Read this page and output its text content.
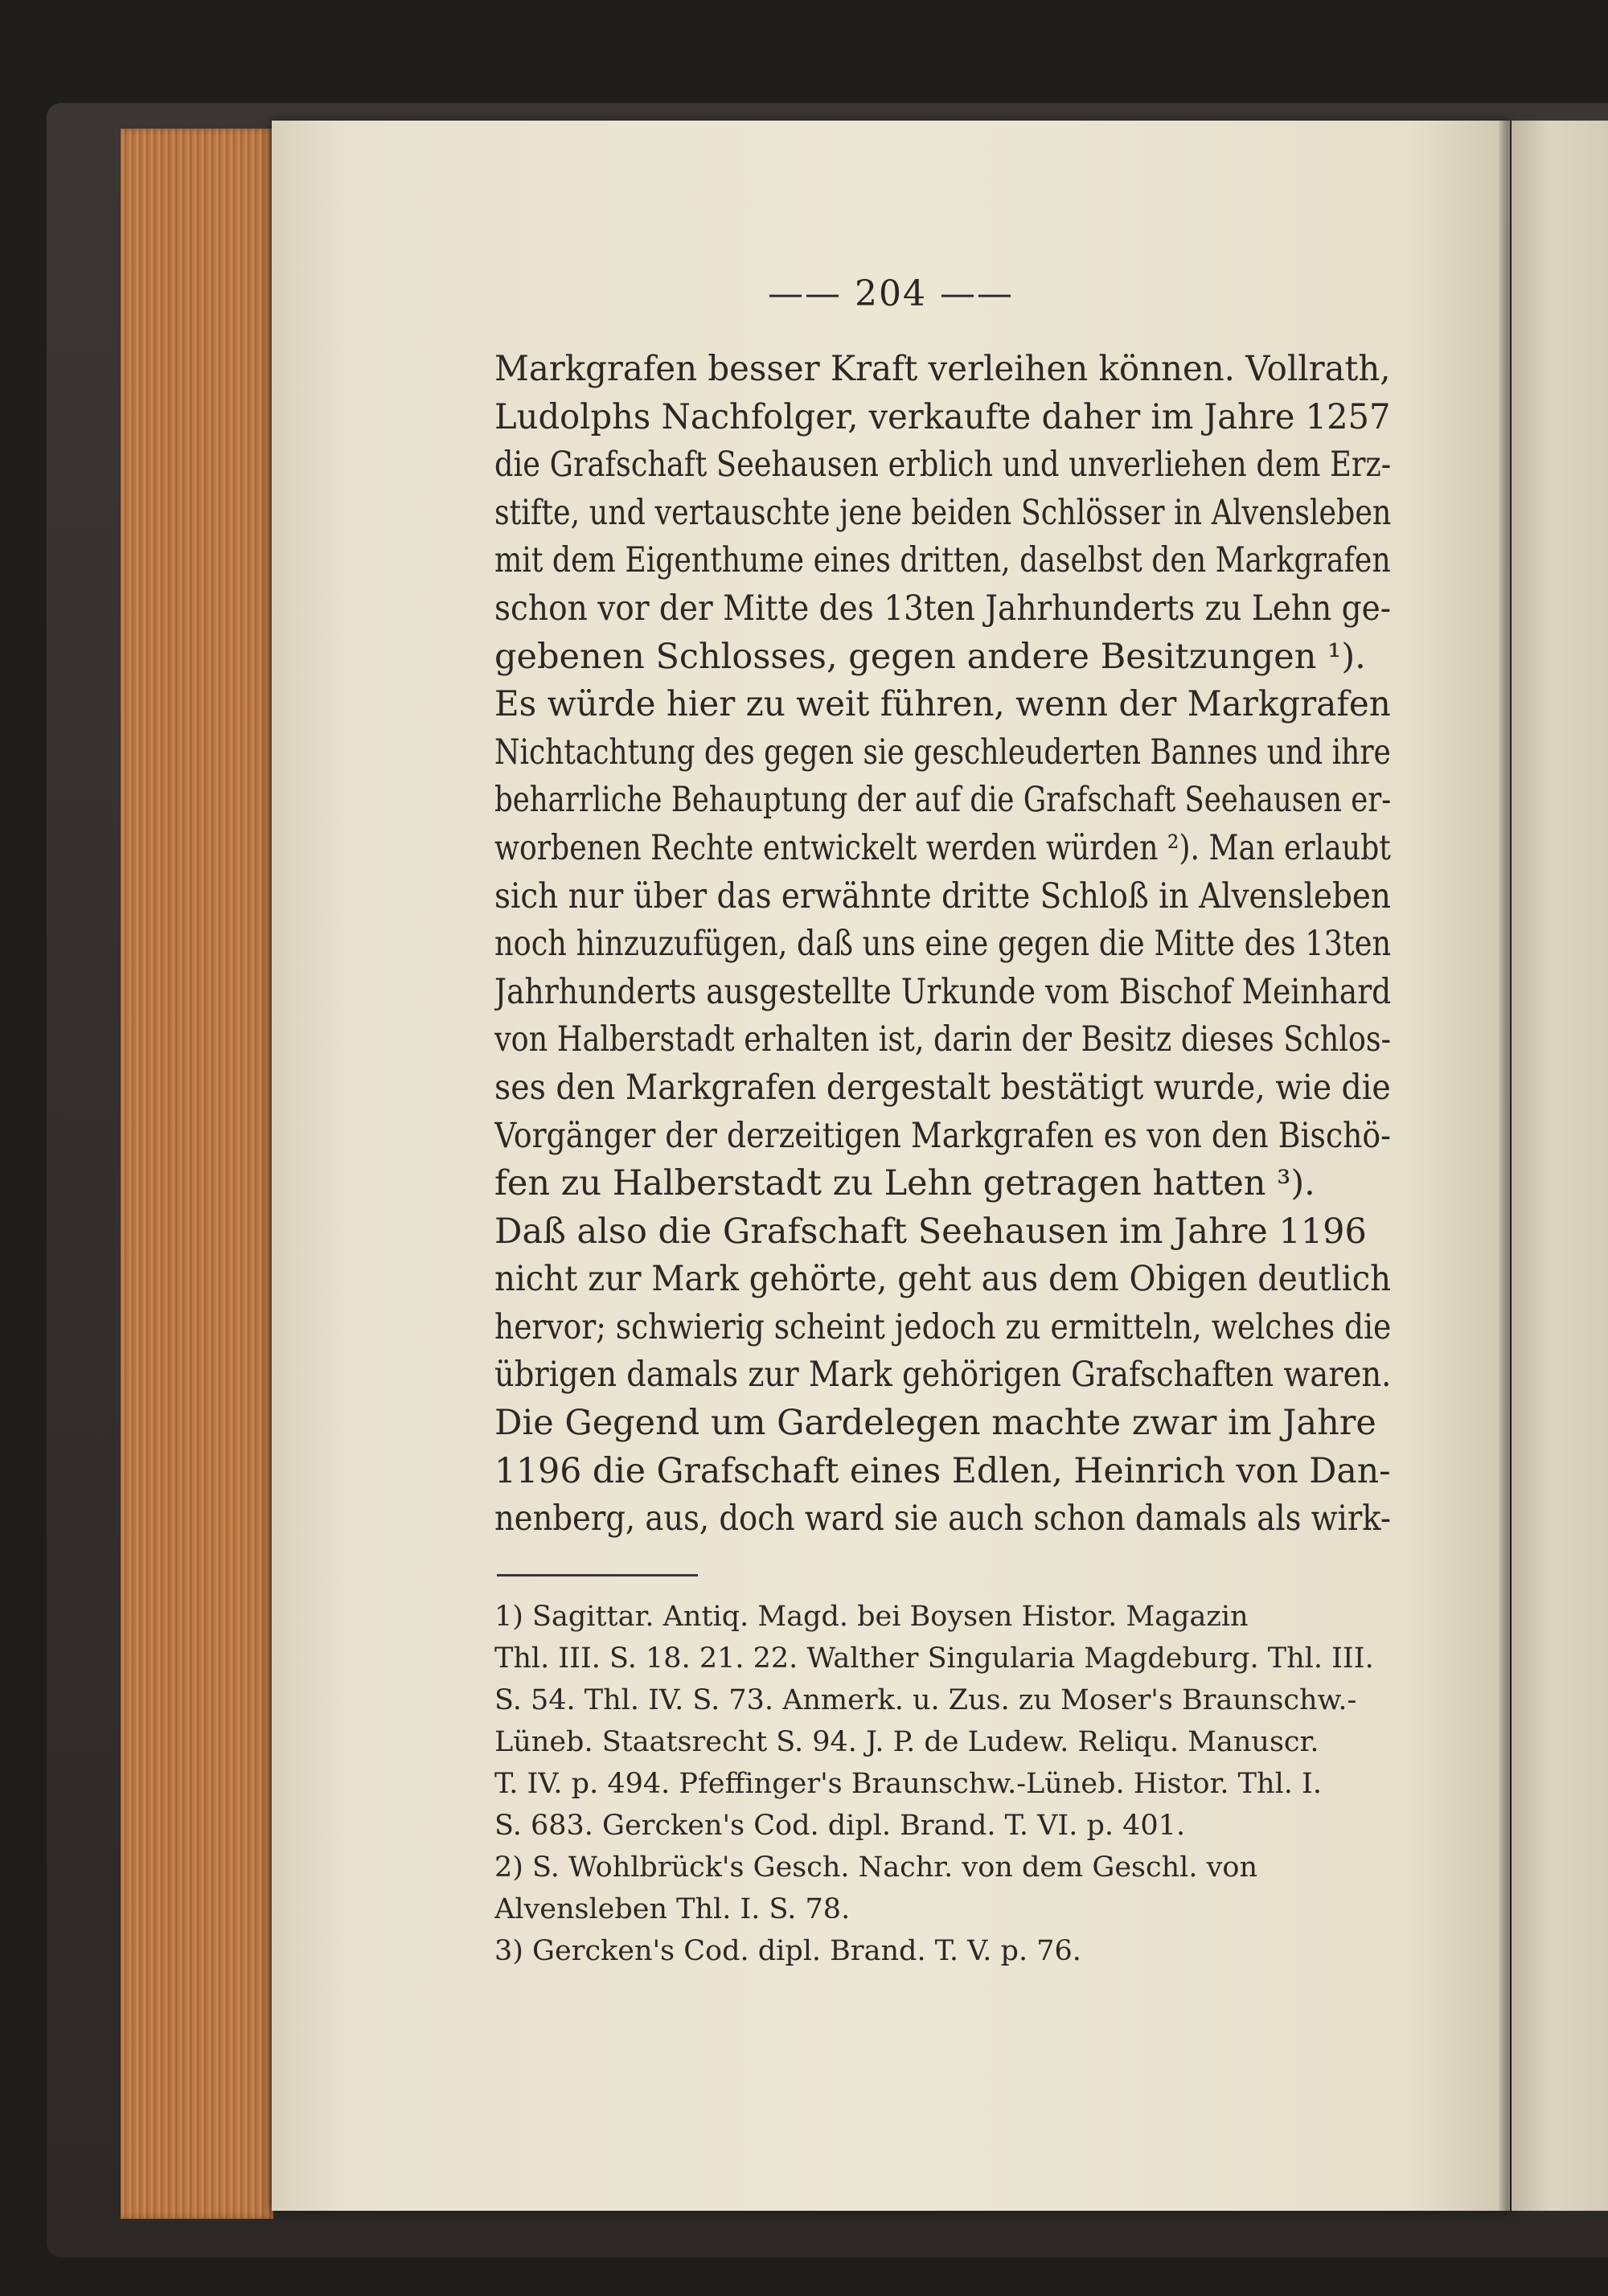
—— 204 ——
Markgrafen besser Kraft verleihen können. Vollrath,
Ludolphs Nachfolger, verkaufte daher im Jahre 1257
die Grafschaft Seehausen erblich und unverliehen dem Erz-
stifte, und vertauschte jene beiden Schlösser in Alvensleben
mit dem Eigenthume eines dritten, daselbst den Markgrafen
schon vor der Mitte des 13ten Jahrhunderts zu Lehn ge-
gebenen Schlosses, gegen andere Besitzungen ¹).
Es würde hier zu weit führen, wenn der Markgrafen
Nichtachtung des gegen sie geschleuderten Bannes und ihre
beharrliche Behauptung der auf die Grafschaft Seehausen er-
worbenen Rechte entwickelt werden würden ²). Man erlaubt
sich nur über das erwähnte dritte Schloß in Alvensleben
noch hinzuzufügen, daß uns eine gegen die Mitte des 13ten
Jahrhunderts ausgestellte Urkunde vom Bischof Meinhard
von Halberstadt erhalten ist, darin der Besitz dieses Schlos-
ses den Markgrafen dergestalt bestätigt wurde, wie die
Vorgänger der derzeitigen Markgrafen es von den Bischö-
fen zu Halberstadt zu Lehn getragen hatten ³).
Daß also die Grafschaft Seehausen im Jahre 1196
nicht zur Mark gehörte, geht aus dem Obigen deutlich
hervor; schwierig scheint jedoch zu ermitteln, welches die
übrigen damals zur Mark gehörigen Grafschaften waren.
Die Gegend um Gardelegen machte zwar im Jahre
1196 die Grafschaft eines Edlen, Heinrich von Dan-
nenberg, aus, doch ward sie auch schon damals als wirk-
1) Sagittar. Antiq. Magd. bei Boysen Histor. Magazin
Thl. III. S. 18. 21. 22. Walther Singularia Magdeburg. Thl. III.
S. 54. Thl. IV. S. 73. Anmerk. u. Zus. zu Moser's Braunschw.-
Lüneb. Staatsrecht S. 94. J. P. de Ludew. Reliqu. Manuscr.
T. IV. p. 494. Pfeffinger's Braunschw.-Lüneb. Histor. Thl. I.
S. 683. Gercken's Cod. dipl. Brand. T. VI. p. 401.
2) S. Wohlbrück's Gesch. Nachr. von dem Geschl. von
Alvensleben Thl. I. S. 78.
3) Gercken's Cod. dipl. Brand. T. V. p. 76.
